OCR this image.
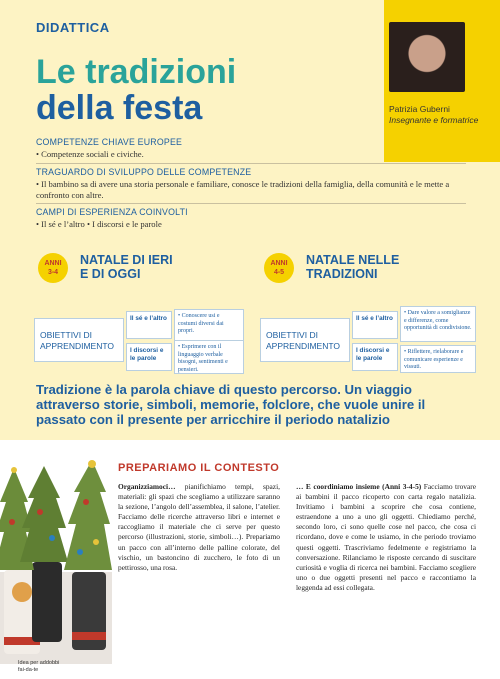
DIDATTICA
Le tradizioni
della festa	Patrizia Guberni
Insegnante e formatrice
COMPETENZE CHIAVE EUROPEE
• Competenze sociali e civiche.
TRAGUARDO DI SVILUPPO DELLE COMPETENZE
• Il bambino sa di avere una storia personale e familiare, conosce le tradizioni della famiglia, della comunità e le mette a confronto con altre.
CAMPI DI ESPERIENZA COINVOLTI
• Il sé e l’altro • I discorsi e le parole
ANNI
3-4
NATALE DI IERI
E DI OGGI
OBIETTIVI DI APPRENDIMENTO
Il sé e l’altro
I discorsi e le parole
• Conoscere usi e costumi diversi dai propri.
• Esprimere con il linguaggio verbale bisogni, sentimenti e pensieri.
ANNI
4-5
NATALE NELLE
TRADIZIONI
OBIETTIVI DI APPRENDIMENTO
Il sé e l’altro
I discorsi e le parole
• Dare valore a somiglianze e differenze, come opportunità di condivisione.
• Riflettere, rielaborare e comunicare esperienze e vissuti.
Tradizione è la parola chiave di questo percorso. Un viaggio attraverso storie, simboli, memorie, folclore, che vuole unire il passato con il presente per arricchire il periodo natalizio
Idea per addobbi fai-da-te
PREPARIAMO IL CONTESTO
Organizziamoci… pianifichiamo tempi, spazi, materiali: gli spazi che scegliamo a utilizzare saranno la sezione, l’angolo dell’assemblea, il salone, l’atelier. Facciamo delle ricerche attraverso libri e internet e raccogliamo il materiale che ci serve per questo percorso (illustrazioni, storie, simboli…). Prepariamo un pacco con all’interno delle palline colorate, del vischio, un bastoncino di zucchero, le foto di un pettirosso, una rosa.
… E coordiniamo insieme (Anni 3-4-5) Facciamo trovare ai bambini il pacco ricoperto con carta regalo natalizia. Invitiamo i bambini a scoprire che cosa contiene, estraendone a uno a uno gli oggetti. Chiediamo perché, secondo loro, ci sono quelle cose nel pacco, che cosa ci ricordano, dove e come le usiamo, in che periodo troviamo questi oggetti. Trascriviamo fedelmente e registriamo la conversazione. Rilanciamo le risposte cercando di suscitare curiosità e voglia di ricerca nei bambini. Facciamo scegliere uno o due oggetti presenti nel pacco e raccontiamo la leggenda ad essi collegata.
